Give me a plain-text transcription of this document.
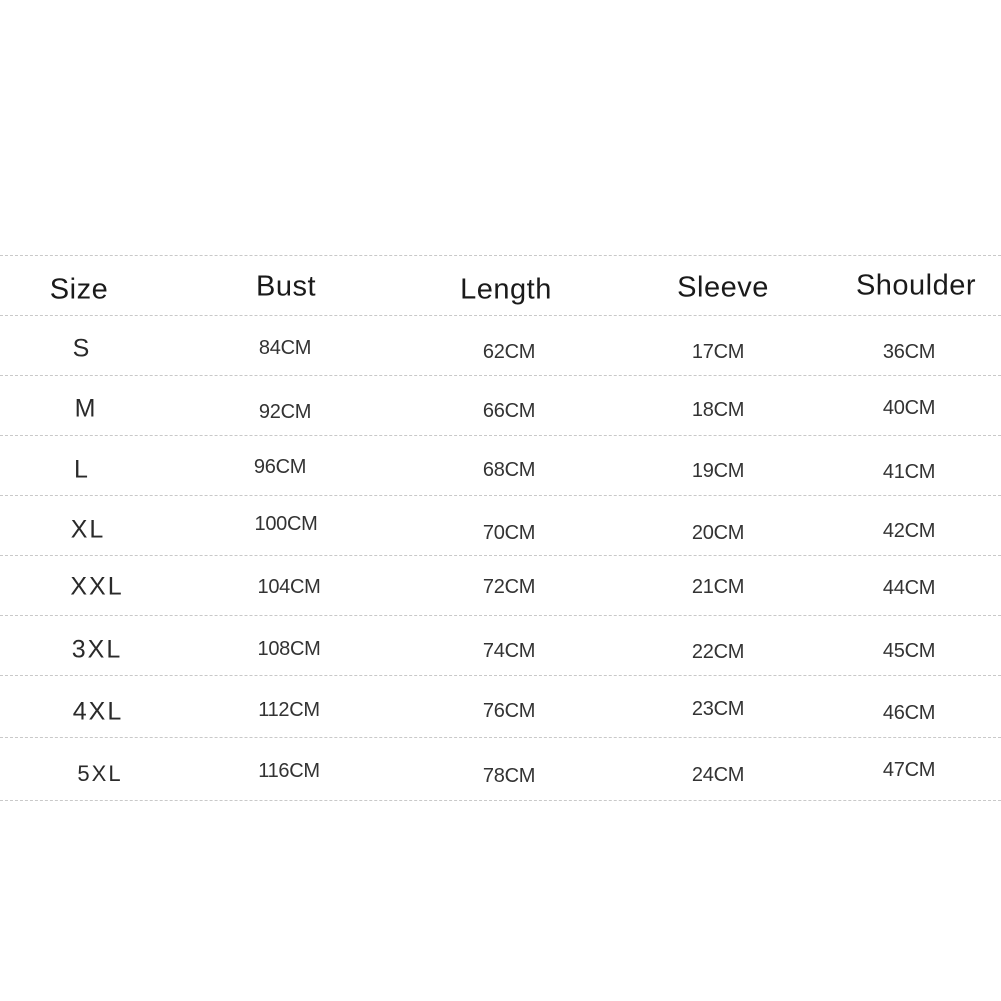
Size	Bust	Length	Sleeve	Shoulder
S	84CM	62CM	17CM	36CM
M	92CM	66CM	18CM	40CM
L	96CM	68CM	19CM	41CM
XL	100CM	70CM	20CM	42CM
XXL	104CM	72CM	21CM	44CM
3XL	108CM	74CM	22CM	45CM
4XL	112CM	76CM	23CM	46CM
5XL	116CM	78CM	24CM	47CM
